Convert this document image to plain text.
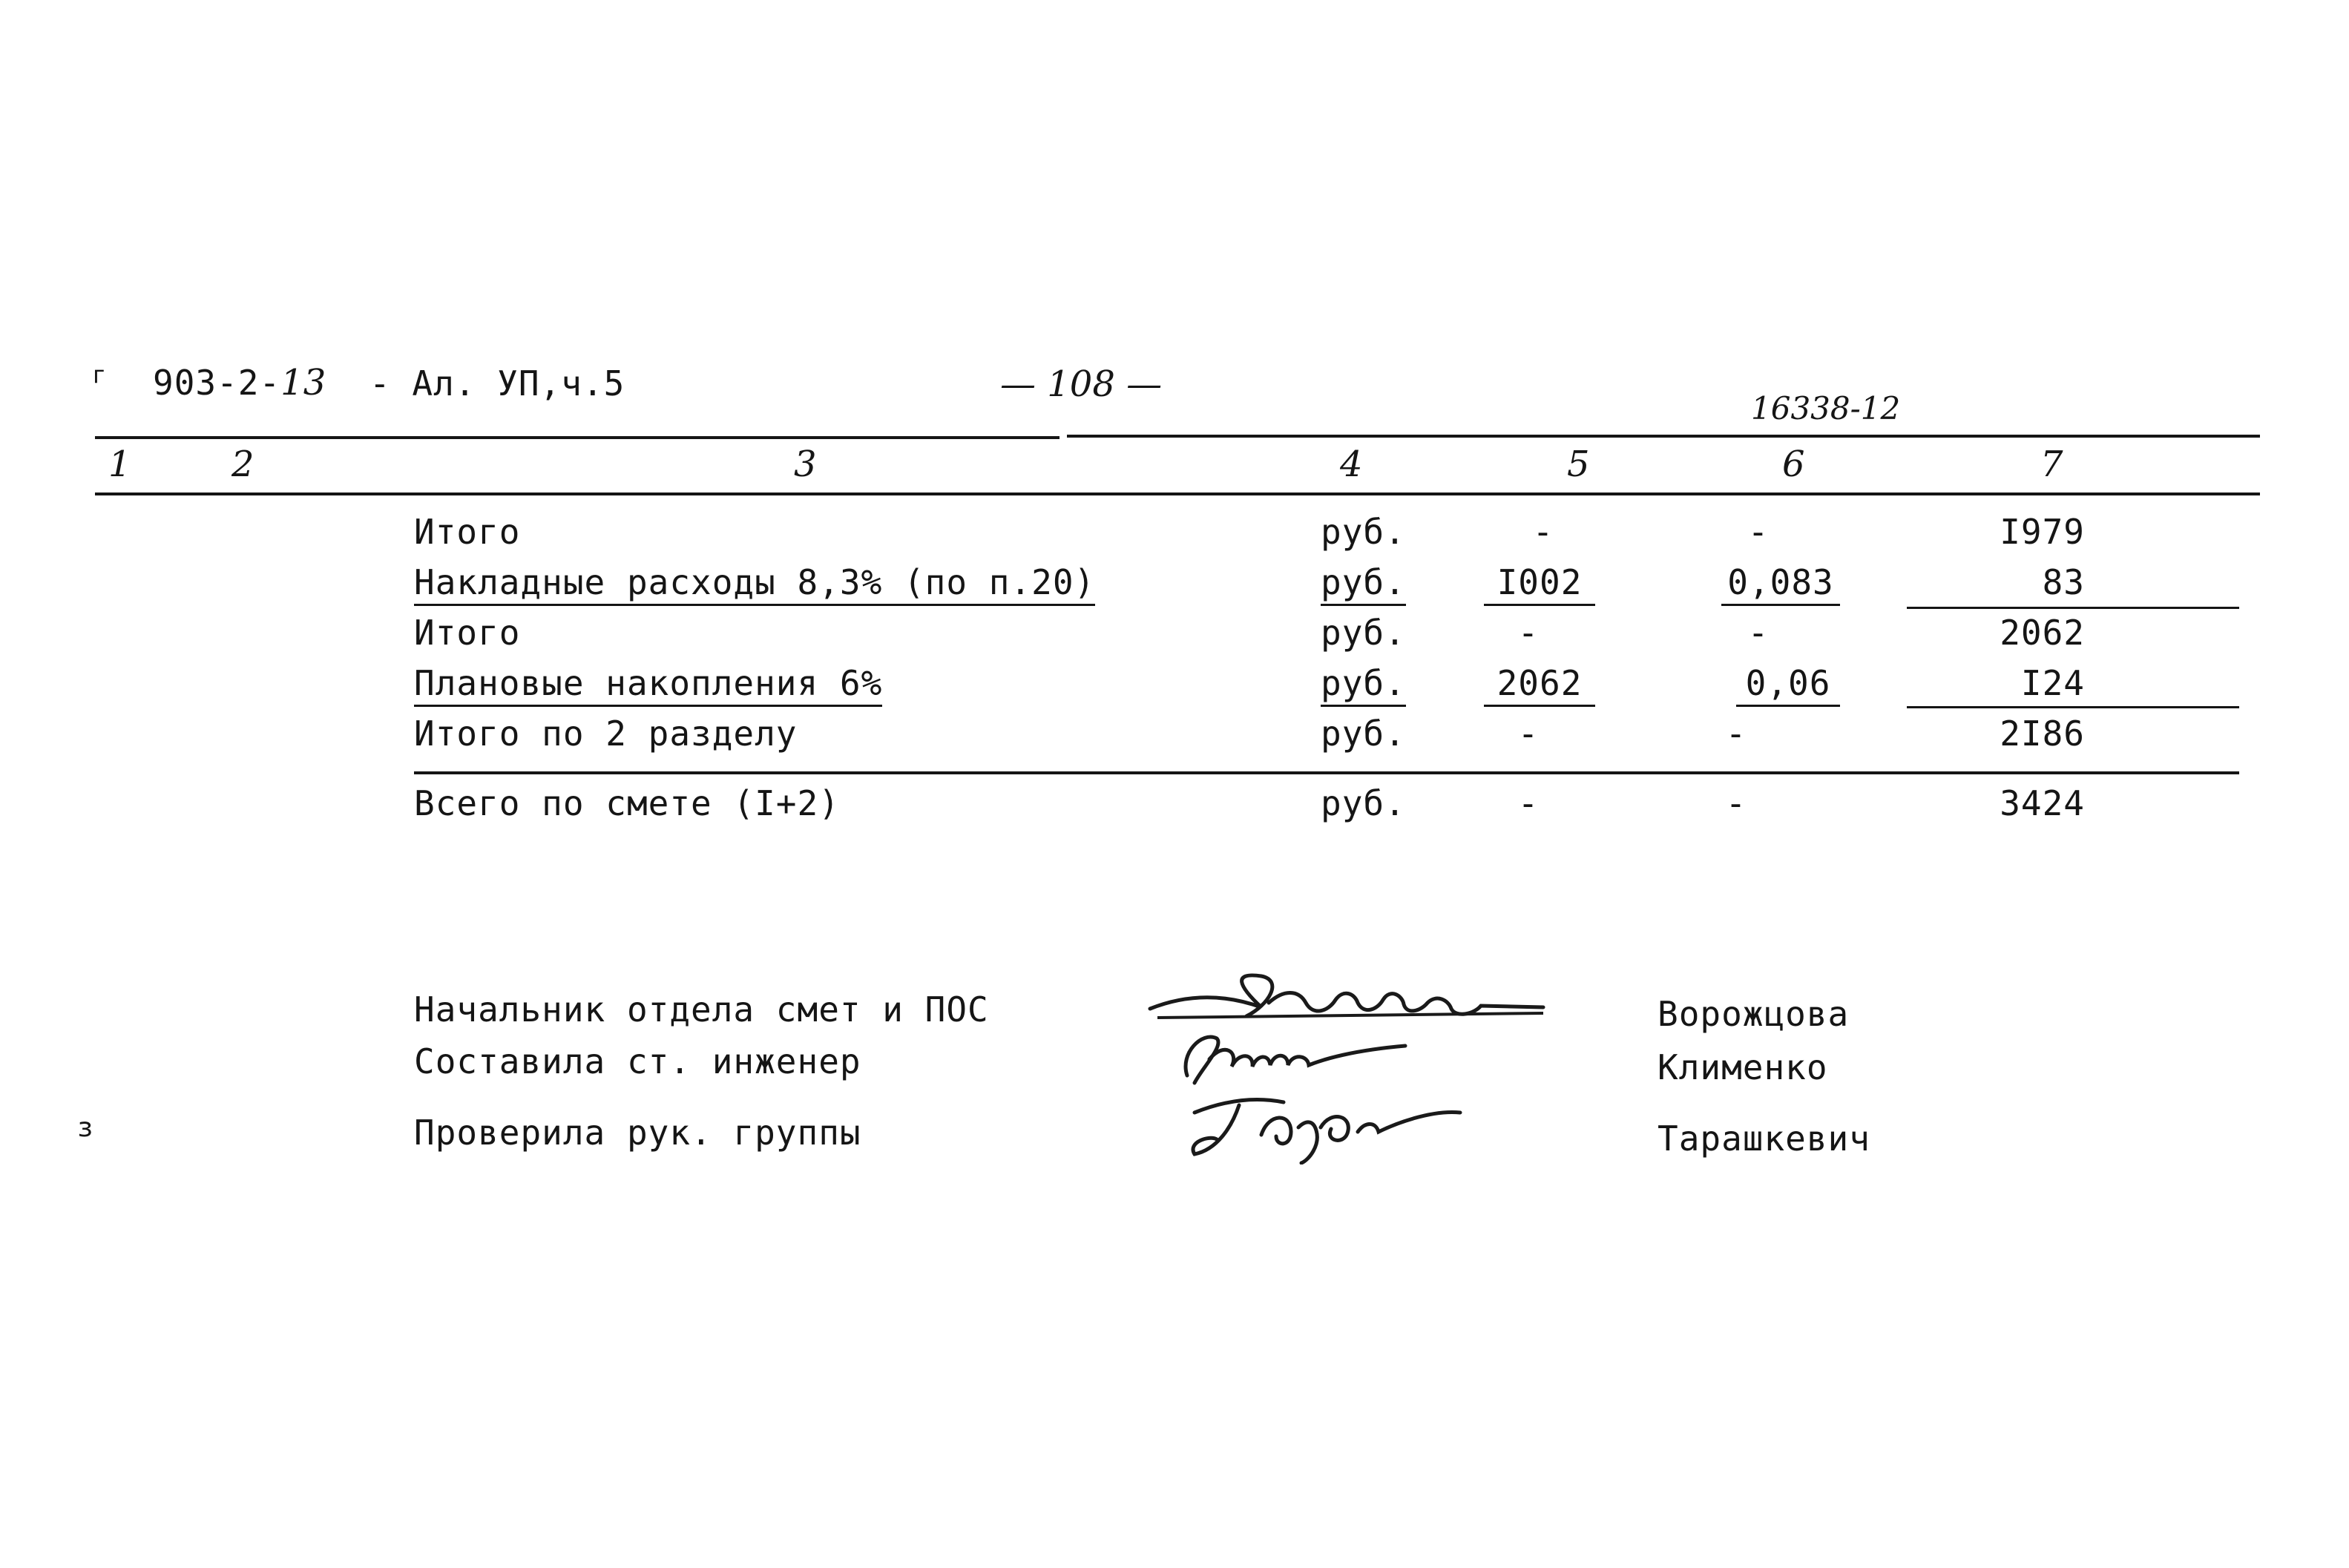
г 903-2-13 - Ал. УП,ч.5	— 108 —
16338-12
1	2	3	4	5	6	7
Итого	руб.	-	-	I979
Накладные расходы 8,3% (по п.20)	руб.	I002	0,083	83
Итого	руб.	-	-	2062
Плановые накопления 6%	руб.	2062	0,06	I24
Итого по 2 разделу	руб.	-	-	2I86
Всего по смете (I+2)	руб.	-	-	3424
Начальник отдела смет и ПОС
Составила ст. инженер
Проверила рук. группы
Ворожцова
Клименко
Тарашкевич
з
